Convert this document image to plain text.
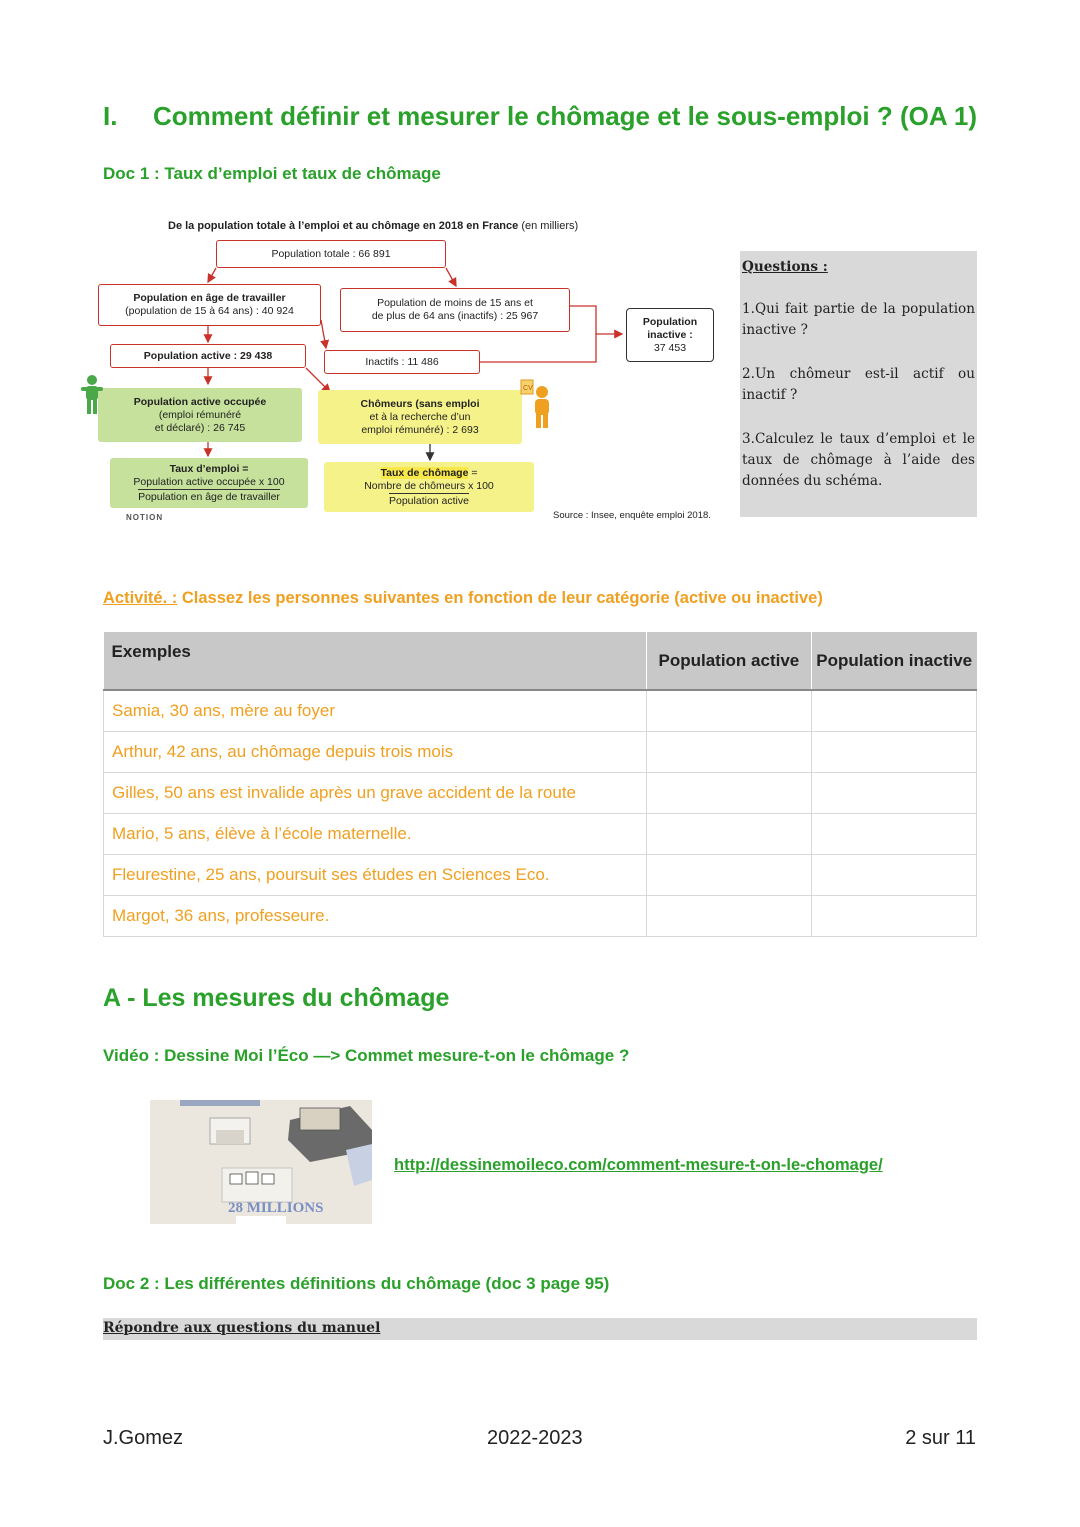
I. Comment définir et mesurer le chômage et le sous-emploi ? (OA 1)
Doc 1 : Taux d’emploi et taux de chômage
De la population totale à l’emploi et au chômage en 2018 en France (en milliers)
Population totale : 66 891
Population en âge de travailler
(population de 15 à 64 ans) : 40 924
Population de moins de 15 ans et
de plus de 64 ans (inactifs) : 25 967	Population inactive :
37 453
Population active : 29 438	Inactifs : 11 486
Population active occupée
(emploi rémunéré
et déclaré) : 26 745
Chômeurs (sans emploi
et à la recherche d’un
emploi rémunéré) : 2 693
Taux d’emploi =
Population active occupée x 100
Population en âge de travailler
Taux de chômage =
Nombre de chômeurs x 100
Population active
Source : Insee, enquête emploi 2018.
NOTION
CV
Questions :

1.Qui fait partie de la population inactive ?

2.Un chômeur est-il actif ou inactif ?

3.Calculez le taux d’emploi et le taux de chômage à l’aide des données du schéma.

Activité. : Classez les personnes suivantes en fonction de leur catégorie (active ou inactive)
Exemples	Population active	Population inactive
Samia, 30 ans, mère au foyer		
Arthur, 42 ans, au chômage depuis trois mois		
Gilles, 50 ans est invalide après un grave accident de la route		
Mario, 5 ans, élève à l’école maternelle.		
Fleurestine, 25 ans, poursuit ses études en Sciences Eco.		
Margot, 36 ans, professeure.		
A - Les mesures du chômage
Vidéo : Dessine Moi l’Éco —> Commet mesure-t-on le chômage ?
28 MILLIONS
http://dessinemoileco.com/comment-mesure-t-on-le-chomage/
Doc 2 : Les différentes définitions du chômage (doc 3 page 95)
Répondre aux questions du manuel
J.Gomez	2022-2023	2 sur 11
